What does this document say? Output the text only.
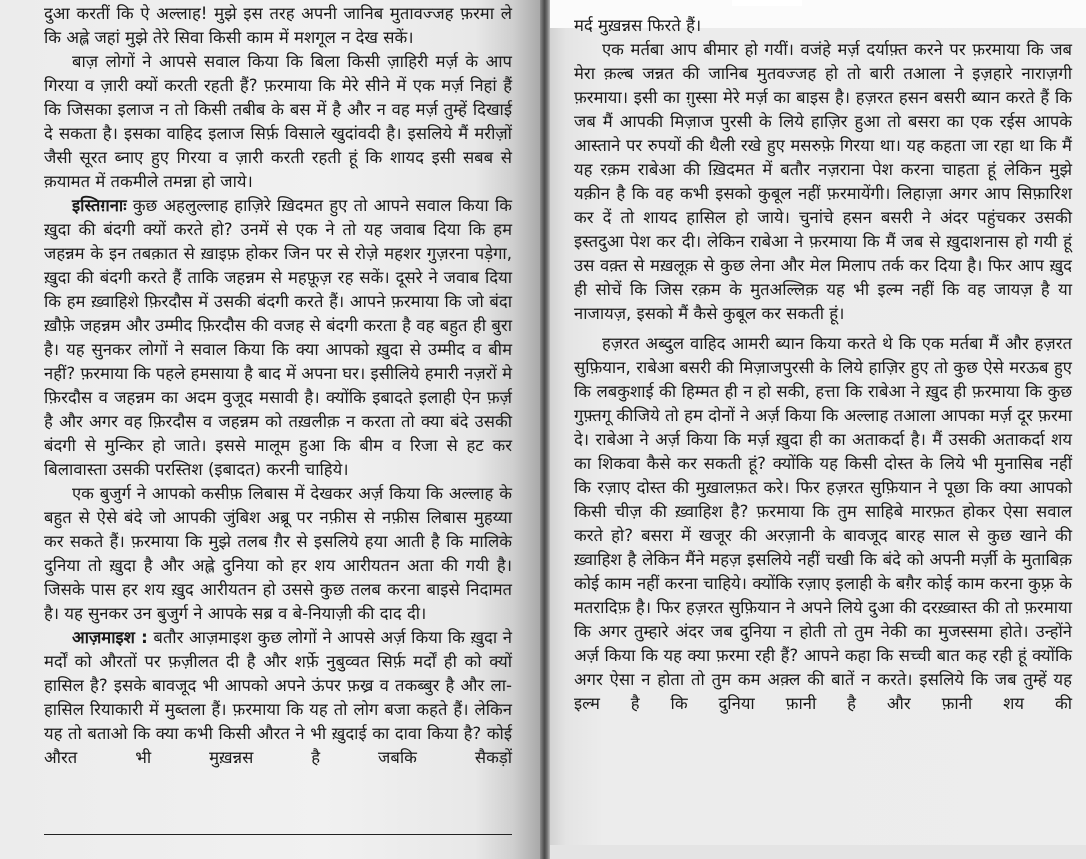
दुआ करतीं कि ऐ अल्लाह! मुझे इस तरह अपनी जानिब मुतावज्जह फ़रमा ले कि अह्ले जहां मुझे तेरे सिवा किसी काम में मशगूल न देख सकें।

बाज़ लोगों ने आपसे सवाल किया कि बिला किसी ज़ाहिरी मर्ज़ के आप गिरया व ज़ारी क्यों करती रहती हैं? फ़रमाया कि मेरे सीने में एक मर्ज़ निहां हैं कि जिसका इलाज न तो किसी तबीब के बस में है और न वह मर्ज़ तुम्हें दिखाई दे सकता है। इसका वाहिद इलाज सिर्फ़ विसाले खुदांवदी है। इसलिये मैं मरीज़ों जैसी सूरत ब्नाए हुए गिरया व ज़ारी करती रहती हूं कि शायद इसी सबब से क़यामत में तकमीले तमन्ना हो जाये।

इस्तिग़नाः कुछ अहलुल्लाह हाज़िरे ख़िदमत हुए तो आपने सवाल किया कि ख़ुदा की बंदगी क्यों करते हो? उनमें से एक ने तो यह जवाब दिया कि हम जहन्नम के इन तबक़ात से ख़ाइफ़ होकर जिन पर से रोज़े महशर गुज़रना पड़ेगा, ख़ुदा की बंदगी करते हैं ताकि जहन्नम से महफ़ूज़ रह सकें। दूसरे ने जवाब दिया कि हम ख़्वाहिशे फ़िरदौस में उसकी बंदगी करते हैं। आपने फ़रमाया कि जो बंदा ख़ौफ़े जहन्नम और उम्मीद फ़िरदौस की वजह से बंदगी करता है वह बहुत ही बुरा है। यह सुनकर लोगों ने सवाल किया कि क्या आपको ख़ुदा से उम्मीद व बीम नहीं? फ़रमाया कि पहले हमसाया है बाद में अपना घर। इसीलिये हमारी नज़रों मे फ़िरदौस व जहन्नम का अदम वुजूद मसावी है। क्योंकि इबादते इलाही ऐन फ़र्ज़ है और अगर वह फ़िरदौस व जहन्नम को तख़लीक़ न करता तो क्या बंदे उसकी बंदगी से मुन्किर हो जाते। इससे मालूम हुआ कि बीम व रिजा से हट कर बिलावास्ता उसकी परस्तिश (इबादत) करनी चाहिये।

एक बुजुर्ग ने आपको कसीफ़ लिबास में देखकर अर्ज़ किया कि अल्लाह के बहुत से ऐसे बंदे जो आपकी जुंबिश अब्रू पर नफ़ीस से नफ़ीस लिबास मुहय्या कर सकते हैं। फ़रमाया कि मुझे तलब ग़ैर से इसलिये हया आती है कि मालिके दुनिया तो ख़ुदा है और अह्ले दुनिया को हर शय आरीयतन अता की गयी है। जिसके पास हर शय ख़ुद आरीयतन हो उससे कुछ तलब करना बाइसे निदामत है। यह सुनकर उन बुजुर्ग ने आपके सब्र व बे-नियाज़ी की दाद दी।

आज़माइश : बतौर आज़माइश कुछ लोगों ने आपसे अर्ज़ किया कि ख़ुदा ने मर्दों को औरतों पर फ़ज़ीलत दी है और शर्फ़े नुबुव्वत सिर्फ़ मर्दों ही को क्यों हासिल है? इसके बावजूद भी आपको अपने ऊंपर फ़ख्र व तकब्बुर है और ला-हासिल रियाकारी में मुब्तला हैं। फ़रमाया कि यह तो लोग बजा कहते हैं। लेकिन यह तो बताओ कि क्या कभी किसी औरत ने भी ख़ुदाई का दावा किया है? कोई औरत भी मुख़न्नस है जबकि सैकड़ों

मर्द मुख़न्नस फिरते हैं।

एक मर्तबा आप बीमार हो गयीं। वजंहे मर्ज़ दर्याफ़्त करने पर फ़रमाया कि जब मेरा क़ल्ब जन्नत की जानिब मुतवज्जह हो तो बारी तआला ने इज़हारे नाराज़गी फ़रमाया। इसी का ग़ुस्सा मेरे मर्ज़ का बाइस है। हज़रत हसन बसरी ब्यान करते हैं कि जब मैं आपकी मिज़ाज पुरसी के लिये हाज़िर हुआ तो बसरा का एक रईस आपके आस्ताने पर रुपयों की थैली रखे हुए मसरुफ़े गिरया था। यह कहता जा रहा था कि मैं यह रक़म राबेआ की ख़िदमत में बतौर नज़राना पेश करना चाहता हूं लेकिन मुझे यक़ीन है कि वह कभी इसको कुबूल नहीं फ़रमायेंगी। लिहाज़ा अगर आप सिफ़ारिश कर दें तो शायद हासिल हो जाये। चुनांचे हसन बसरी ने अंदर पहुंचकर उसकी इस्तदुआ पेश कर दी। लेकिन राबेआ ने फ़रमाया कि मैं जब से ख़ुदाशनास हो गयी हूं उस वक़्त से मख़लूक़ से कुछ लेना और मेल मिलाप तर्क कर दिया है। फिर आप ख़ुद ही सोचें कि जिस रक़म के मुतअल्लिक़ यह भी इल्म नहीं कि वह जायज़ है या नाजायज़, इसको मैं कैसे कुबूल कर सकती हूं।

हज़रत अब्दुल वाहिद आमरी ब्यान किया करते थे कि एक मर्तबा मैं और हज़रत सुफ़ियान, राबेआ बसरी की मिज़ाजपुरसी के लिये हाज़िर हुए तो कुछ ऐसे मरऊब हुए कि लबकुशाई की हिम्मत ही न हो सकी, हत्ता कि राबेआ ने ख़ुद ही फ़रमाया कि कुछ गुफ़्तगू कीजिये तो हम दोनों ने अर्ज़ किया कि अल्लाह तआला आपका मर्ज़ दूर फ़रमा दे। राबेआ ने अर्ज़ किया कि मर्ज़ ख़ुदा ही का अताकर्दा है। मैं उसकी अताकर्दा शय का शिकवा कैसे कर सकती हूं? क्योंकि यह किसी दोस्त के लिये भी मुनासिब नहीं कि रज़ाए दोस्त की मुख़ालफ़त करे। फिर हज़रत सुफ़ियान ने पूछा कि क्या आपको किसी चीज़ की ख़्वाहिश है? फ़रमाया कि तुम साहिबे मारफ़त होकर ऐसा सवाल करते हो? बसरा में खजूर की अरज़ानी के बावजूद बारह साल से कुछ खाने की ख़्वाहिश है लेकिन मैंने महज़ इसलिये नहीं चखी कि बंदे को अपनी मर्ज़ी के मुताबिक़ कोई काम नहीं करना चाहिये। क्योंकि रज़ाए इलाही के बग़ैर कोई काम करना कुफ़्र के मतरादिफ़ है। फिर हज़रत सुफ़ियान ने अपने लिये दुआ की दरख़्वास्त की तो फ़रमाया कि अगर तुम्हारे अंदर जब दुनिया न होती तो तुम नेकी का मुजस्समा होते। उन्होंने अर्ज़ किया कि यह क्या फ़रमा रही हैं? आपने कहा कि सच्ची बात कह रही हूं क्योंकि अगर ऐसा न होता तो तुम कम अक़्ल की बातें न करते। इसलिये कि जब तुम्हें यह इल्म है कि दुनिया फ़ानी है और फ़ानी शय की
